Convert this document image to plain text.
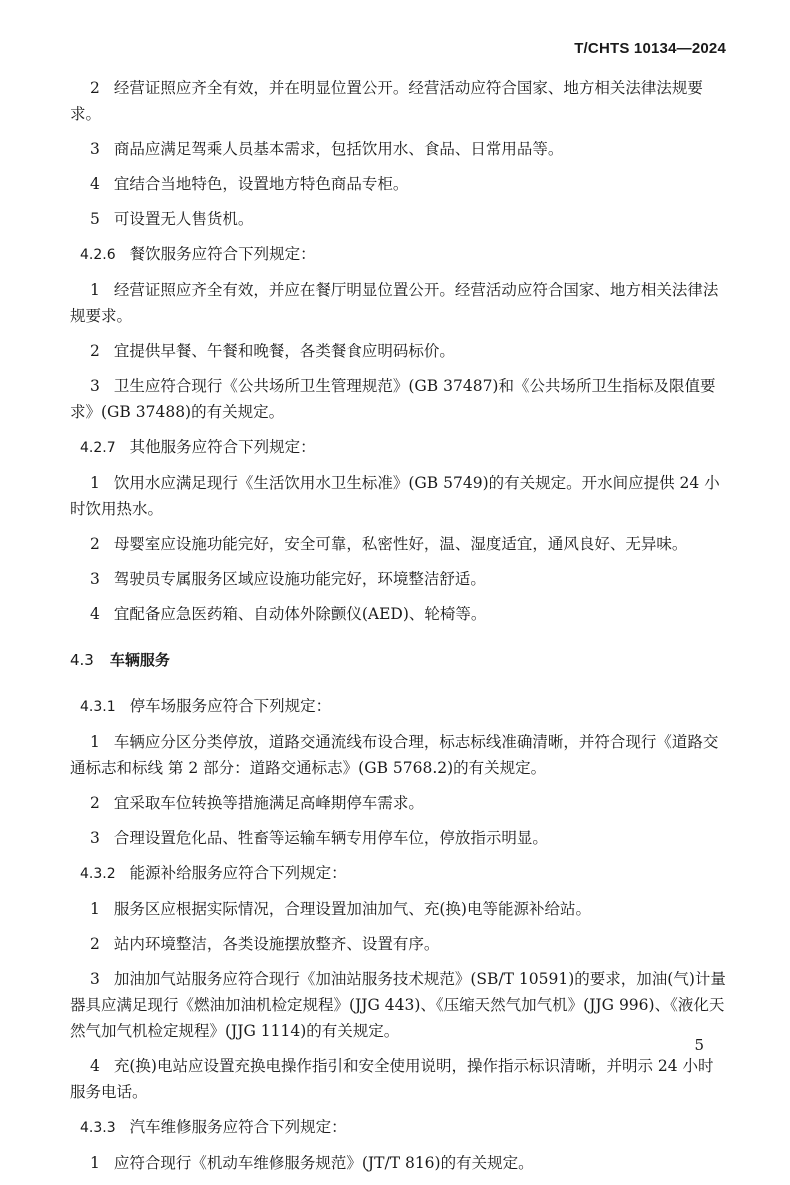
T/CHTS 10134—2024

2 经营证照应齐全有效，并在明显位置公开。经营活动应符合国家、地方相关法律法规要求。

3 商品应满足驾乘人员基本需求，包括饮用水、食品、日常用品等。

4 宜结合当地特色，设置地方特色商品专柜。

5 可设置无人售货机。

4.2.6 餐饮服务应符合下列规定：

1 经营证照应齐全有效，并应在餐厅明显位置公开。经营活动应符合国家、地方相关法律法规要求。

2 宜提供早餐、午餐和晚餐，各类餐食应明码标价。

3 卫生应符合现行《公共场所卫生管理规范》(GB 37487)和《公共场所卫生指标及限值要求》(GB 37488)的有关规定。

4.2.7 其他服务应符合下列规定：

1 饮用水应满足现行《生活饮用水卫生标准》(GB 5749)的有关规定。开水间应提供 24 小时饮用热水。

2 母婴室应设施功能完好，安全可靠，私密性好，温、湿度适宜，通风良好、无异味。

3 驾驶员专属服务区域应设施功能完好，环境整洁舒适。

4 宜配备应急医药箱、自动体外除颤仪(AED)、轮椅等。

4.3 车辆服务

4.3.1 停车场服务应符合下列规定：

1 车辆应分区分类停放，道路交通流线布设合理，标志标线准确清晰，并符合现行《道路交通标志和标线 第 2 部分：道路交通标志》(GB 5768.2)的有关规定。

2 宜采取车位转换等措施满足高峰期停车需求。

3 合理设置危化品、牲畜等运输车辆专用停车位，停放指示明显。

4.3.2 能源补给服务应符合下列规定：

1 服务区应根据实际情况，合理设置加油加气、充(换)电等能源补给站。

2 站内环境整洁，各类设施摆放整齐、设置有序。

3 加油加气站服务应符合现行《加油站服务技术规范》(SB/T 10591)的要求，加油(气)计量器具应满足现行《燃油加油机检定规程》(JJG 443)、《压缩天然气加气机》(JJG 996)、《液化天然气加气机检定规程》(JJG 1114)的有关规定。

4 充(换)电站应设置充换电操作指引和安全使用说明，操作指示标识清晰，并明示 24 小时服务电话。

4.3.3 汽车维修服务应符合下列规定：

1 应符合现行《机动车维修服务规范》(JT/T 816)的有关规定。

5
